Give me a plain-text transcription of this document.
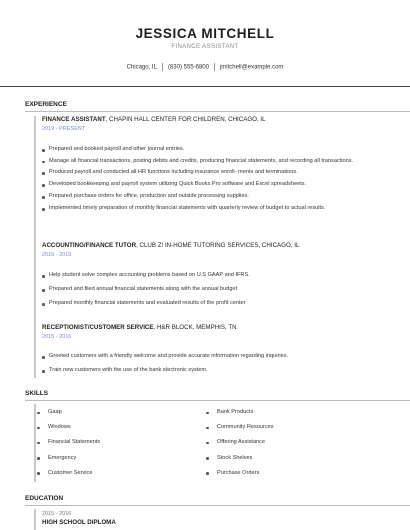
JESSICA MITCHELL
FINANCE ASSISTANT
Chicago, IL (830) 555-6800 jmitchell@example.com
EXPERIENCE
FINANCE ASSISTANT, CHAPIN HALL CENTER FOR CHILDREN, CHICAGO, IL
2019 - PRESENT
Prepared and booked payroll and other journal entries.
Manage all financial transactions, posting debits and credits, producing financial statements, and recording all transactions.
Produced payroll and conducted all HR functions including insurance enroll- ments and terminations.
Developed bookkeeping and payroll system utilizing Quick Books Pro software and Excel spreadsheets.
Prepared purchase orders for office, production and outside processing supplies.
Implemented timely preparation of monthly financial statements with quarterly review of budget to actual results.
ACCOUNTING/FINANCE TUTOR, CLUB Z! IN-HOME TUTORING SERVICES, CHICAGO, IL
2016 - 2019
Help student solve complex accounting problems based on U.S GAAP and IFRS.
Prepared and filed annual financial statements along with the annual budget
Prepared monthly financial statements and evaluated results of the profit center
RECEPTIONIST/CUSTOMER SERVICE, H&R BLOCK, MEMPHIS, TN
2015 - 2016
Greeted customers with a friendly welcome and provide accurate information regarding inquiries.
Train new customers with the use of the bank electronic system.
SKILLS
Gaap
Windows
Financial Statements
Emergency
Customer Service
Bank Products
Community Resources
Offering Assistance
Stock Shelves
Purchase Orders
EDUCATION
2015 - 2016
HIGH SCHOOL DIPLOMA
